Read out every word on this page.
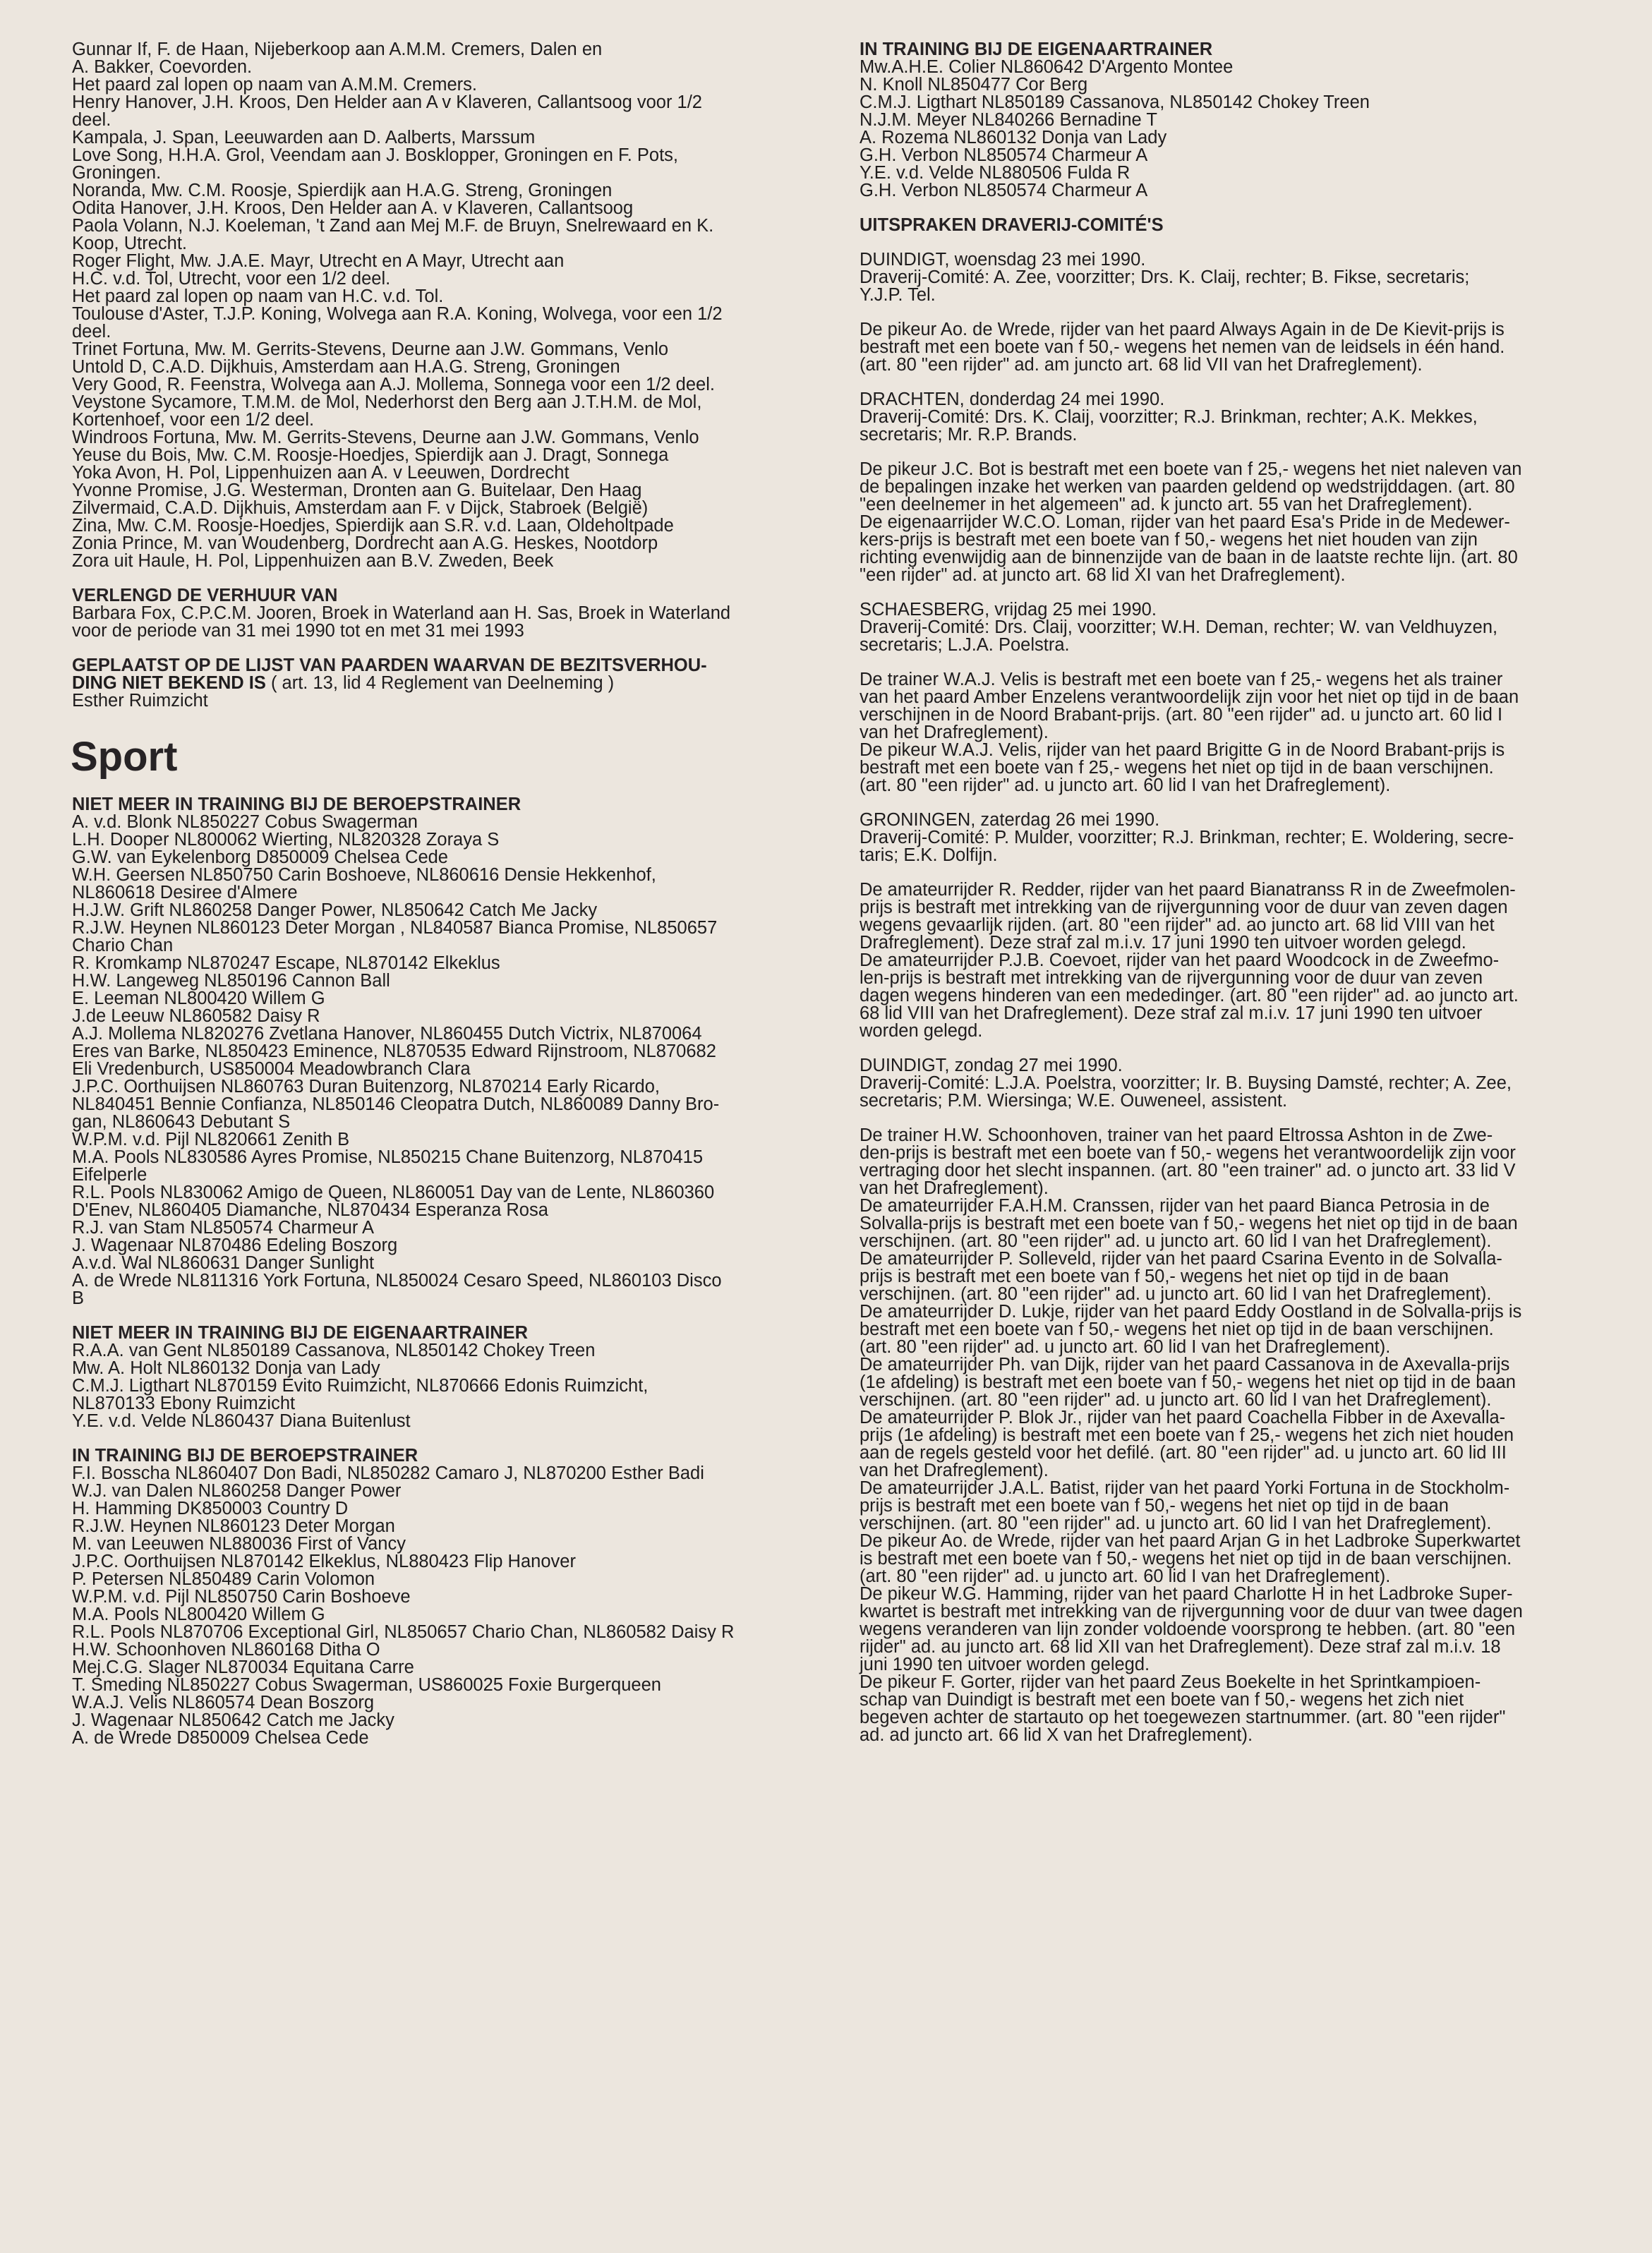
Gunnar If, F. de Haan, Nijeberkoop aan A.M.M. Cremers, Dalen en
A. Bakker, Coevorden.
Het paard zal lopen op naam van A.M.M. Cremers.
Henry Hanover, J.H. Kroos, Den Helder aan A v Klaveren, Callantsoog voor 1/2
deel.
Kampala, J. Span, Leeuwarden aan D. Aalberts, Marssum
Love Song, H.H.A. Grol, Veendam aan J. Bosklopper, Groningen en F. Pots,
Groningen.
Noranda, Mw. C.M. Roosje, Spierdijk aan H.A.G. Streng, Groningen
Odita Hanover, J.H. Kroos, Den Helder aan A. v Klaveren, Callantsoog
Paola Volann, N.J. Koeleman, 't Zand aan Mej M.F. de Bruyn, Snelrewaard en K.
Koop, Utrecht.
Roger Flight, Mw. J.A.E. Mayr, Utrecht en A Mayr, Utrecht aan
H.C. v.d. Tol, Utrecht, voor een 1/2 deel.
Het paard zal lopen op naam van H.C. v.d. Tol.
Toulouse d'Aster, T.J.P. Koning, Wolvega aan R.A. Koning, Wolvega, voor een 1/2
deel.
Trinet Fortuna, Mw. M. Gerrits-Stevens, Deurne aan J.W. Gommans, Venlo
Untold D, C.A.D. Dijkhuis, Amsterdam aan H.A.G. Streng, Groningen
Very Good, R. Feenstra, Wolvega aan A.J. Mollema, Sonnega voor een 1/2 deel.
Veystone Sycamore, T.M.M. de Mol, Nederhorst den Berg aan J.T.H.M. de Mol,
Kortenhoef, voor een 1/2 deel.
Windroos Fortuna, Mw. M. Gerrits-Stevens, Deurne aan J.W. Gommans, Venlo
Yeuse du Bois, Mw. C.M. Roosje-Hoedjes, Spierdijk aan J. Dragt, Sonnega
Yoka Avon, H. Pol, Lippenhuizen aan A. v Leeuwen, Dordrecht
Yvonne Promise, J.G. Westerman, Dronten aan G. Buitelaar, Den Haag
Zilvermaid, C.A.D. Dijkhuis, Amsterdam aan F. v Dijck, Stabroek (België)
Zina, Mw. C.M. Roosje-Hoedjes, Spierdijk aan S.R. v.d. Laan, Oldeholtpade
Zonia Prince, M. van Woudenberg, Dordrecht aan A.G. Heskes, Nootdorp
Zora uit Haule, H. Pol, Lippenhuizen aan B.V. Zweden, Beek
VERLENGD DE VERHUUR VAN
Barbara Fox, C.P.C.M. Jooren, Broek in Waterland aan H. Sas, Broek in Waterland
voor de periode van 31 mei 1990 tot en met 31 mei 1993
GEPLAATST OP DE LIJST VAN PAARDEN WAARVAN DE BEZITSVERHOU-
DING NIET BEKEND IS ( art. 13, lid 4 Reglement van Deelneming )
Esther Ruimzicht
Sport
NIET MEER IN TRAINING BIJ DE BEROEPSTRAINER
A. v.d. Blonk NL850227 Cobus Swagerman
L.H. Dooper NL800062 Wierting, NL820328 Zoraya S
G.W. van Eykelenborg D850009 Chelsea Cede
W.H. Geersen NL850750 Carin Boshoeve, NL860616 Densie Hekkenhof,
NL860618 Desiree d'Almere
H.J.W. Grift NL860258 Danger Power, NL850642 Catch Me Jacky
R.J.W. Heynen NL860123 Deter Morgan , NL840587 Bianca Promise, NL850657
Chario Chan
R. Kromkamp NL870247 Escape, NL870142 Elkeklus
H.W. Langeweg NL850196 Cannon Ball
E. Leeman NL800420 Willem G
J.de Leeuw NL860582 Daisy R
A.J. Mollema NL820276 Zvetlana Hanover, NL860455 Dutch Victrix, NL870064
Eres van Barke, NL850423 Eminence, NL870535 Edward Rijnstroom, NL870682
Eli Vredenburch, US850004 Meadowbranch Clara
J.P.C. Oorthuijsen NL860763 Duran Buitenzorg, NL870214 Early Ricardo,
NL840451 Bennie Confianza, NL850146 Cleopatra Dutch, NL860089 Danny Bro-
gan, NL860643 Debutant S
W.P.M. v.d. Pijl NL820661 Zenith B
M.A. Pools NL830586 Ayres Promise, NL850215 Chane Buitenzorg, NL870415
Eifelperle
R.L. Pools NL830062 Amigo de Queen, NL860051 Day van de Lente, NL860360
D'Enev, NL860405 Diamanche, NL870434 Esperanza Rosa
R.J. van Stam NL850574 Charmeur A
J. Wagenaar NL870486 Edeling Boszorg
A.v.d. Wal NL860631 Danger Sunlight
A. de Wrede NL811316 York Fortuna, NL850024 Cesaro Speed, NL860103 Disco
B
NIET MEER IN TRAINING BIJ DE EIGENAARTRAINER
R.A.A. van Gent NL850189 Cassanova, NL850142 Chokey Treen
Mw. A. Holt NL860132 Donja van Lady
C.M.J. Ligthart NL870159 Evito Ruimzicht, NL870666 Edonis Ruimzicht,
NL870133 Ebony Ruimzicht
Y.E. v.d. Velde NL860437 Diana Buitenlust
IN TRAINING BIJ DE BEROEPSTRAINER
F.I. Bosscha NL860407 Don Badi, NL850282 Camaro J, NL870200 Esther Badi
W.J. van Dalen NL860258 Danger Power
H. Hamming DK850003 Country D
R.J.W. Heynen NL860123 Deter Morgan
M. van Leeuwen NL880036 First of Vancy
J.P.C. Oorthuijsen NL870142 Elkeklus, NL880423 Flip Hanover
P. Petersen NL850489 Carin Volomon
W.P.M. v.d. Pijl NL850750 Carin Boshoeve
M.A. Pools NL800420 Willem G
R.L. Pools NL870706 Exceptional Girl, NL850657 Chario Chan, NL860582 Daisy R
H.W. Schoonhoven NL860168 Ditha O
Mej.C.G. Slager NL870034 Equitana Carre
T. Smeding NL850227 Cobus Swagerman, US860025 Foxie Burgerqueen
W.A.J. Velis NL860574 Dean Boszorg
J. Wagenaar NL850642 Catch me Jacky
A. de Wrede D850009 Chelsea Cede
IN TRAINING BIJ DE EIGENAARTRAINER
Mw.A.H.E. Colier NL860642 D'Argento Montee
N. Knoll NL850477 Cor Berg
C.M.J. Ligthart NL850189 Cassanova, NL850142 Chokey Treen
N.J.M. Meyer NL840266 Bernadine T
A. Rozema NL860132 Donja van Lady
G.H. Verbon NL850574 Charmeur A
Y.E. v.d. Velde NL880506 Fulda R
G.H. Verbon NL850574 Charmeur A
UITSPRAKEN DRAVERIJ-COMITÉ'S
DUINDIGT, woensdag 23 mei 1990.
Draverij-Comité: A. Zee, voorzitter; Drs. K. Claij, rechter; B. Fikse, secretaris;
Y.J.P. Tel.
De pikeur Ao. de Wrede, rijder van het paard Always Again in de De Kievit-prijs is
bestraft met een boete van f 50,- wegens het nemen van de leidsels in één hand.
(art. 80 "een rijder" ad. am juncto art. 68 lid VII van het Drafreglement).
DRACHTEN, donderdag 24 mei 1990.
Draverij-Comité: Drs. K. Claij, voorzitter; R.J. Brinkman, rechter; A.K. Mekkes,
secretaris; Mr. R.P. Brands.
De pikeur J.C. Bot is bestraft met een boete van f 25,- wegens het niet naleven van
de bepalingen inzake het werken van paarden geldend op wedstrijddagen. (art. 80
"een deelnemer in het algemeen" ad. k juncto art. 55 van het Drafreglement).
De eigenaarrijder W.C.O. Loman, rijder van het paard Esa's Pride in de Medewer-
kers-prijs is bestraft met een boete van f 50,- wegens het niet houden van zijn
richting evenwijdig aan de binnenzijde van de baan in de laatste rechte lijn. (art. 80
"een rijder" ad. at juncto art. 68 lid XI van het Drafreglement).
SCHAESBERG, vrijdag 25 mei 1990.
Draverij-Comité: Drs. Claij, voorzitter; W.H. Deman, rechter; W. van Veldhuyzen,
secretaris; L.J.A. Poelstra.
De trainer W.A.J. Velis is bestraft met een boete van f 25,- wegens het als trainer
van het paard Amber Enzelens verantwoordelijk zijn voor het niet op tijd in de baan
verschijnen in de Noord Brabant-prijs. (art. 80 "een rijder" ad. u juncto art. 60 lid I
van het Drafreglement).
De pikeur W.A.J. Velis, rijder van het paard Brigitte G in de Noord Brabant-prijs is
bestraft met een boete van f 25,- wegens het niet op tijd in de baan verschijnen.
(art. 80 "een rijder" ad. u juncto art. 60 lid I van het Drafreglement).
GRONINGEN, zaterdag 26 mei 1990.
Draverij-Comité: P. Mulder, voorzitter; R.J. Brinkman, rechter; E. Woldering, secre-
taris; E.K. Dolfijn.
De amateurrijder R. Redder, rijder van het paard Bianatranss R in de Zweefmolen-
prijs is bestraft met intrekking van de rijvergunning voor de duur van zeven dagen
wegens gevaarlijk rijden. (art. 80 "een rijder" ad. ao juncto art. 68 lid VIII van het
Drafreglement). Deze straf zal m.i.v. 17 juni 1990 ten uitvoer worden gelegd.
De amateurrijder P.J.B. Coevoet, rijder van het paard Woodcock in de Zweefmo-
len-prijs is bestraft met intrekking van de rijvergunning voor de duur van zeven
dagen wegens hinderen van een mededinger. (art. 80 "een rijder" ad. ao juncto art.
68 lid VIII van het Drafreglement). Deze straf zal m.i.v. 17 juni 1990 ten uitvoer
worden gelegd.
DUINDIGT, zondag 27 mei 1990.
Draverij-Comité: L.J.A. Poelstra, voorzitter; Ir. B. Buysing Damsté, rechter; A. Zee,
secretaris; P.M. Wiersinga; W.E. Ouweneel, assistent.
De trainer H.W. Schoonhoven, trainer van het paard Eltrossa Ashton in de Zwe-
den-prijs is bestraft met een boete van f 50,- wegens het verantwoordelijk zijn voor
vertraging door het slecht inspannen. (art. 80 "een trainer" ad. o juncto art. 33 lid V
van het Drafreglement).
De amateurrijder F.A.H.M. Cranssen, rijder van het paard Bianca Petrosia in de
Solvalla-prijs is bestraft met een boete van f 50,- wegens het niet op tijd in de baan
verschijnen. (art. 80 "een rijder" ad. u juncto art. 60 lid I van het Drafreglement).
De amateurrijder P. Solleveld, rijder van het paard Csarina Evento in de Solvalla-
prijs is bestraft met een boete van f 50,- wegens het niet op tijd in de baan
verschijnen. (art. 80 "een rijder" ad. u juncto art. 60 lid I van het Drafreglement).
De amateurrijder D. Lukje, rijder van het paard Eddy Oostland in de Solvalla-prijs is
bestraft met een boete van f 50,- wegens het niet op tijd in de baan verschijnen.
(art. 80 "een rijder" ad. u juncto art. 60 lid I van het Drafreglement).
De amateurrijder Ph. van Dijk, rijder van het paard Cassanova in de Axevalla-prijs
(1e afdeling) is bestraft met een boete van f 50,- wegens het niet op tijd in de baan
verschijnen. (art. 80 "een rijder" ad. u juncto art. 60 lid I van het Drafreglement).
De amateurrijder P. Blok Jr., rijder van het paard Coachella Fibber in de Axevalla-
prijs (1e afdeling) is bestraft met een boete van f 25,- wegens het zich niet houden
aan de regels gesteld voor het defilé. (art. 80 "een rijder" ad. u juncto art. 60 lid III
van het Drafreglement).
De amateurrijder J.A.L. Batist, rijder van het paard Yorki Fortuna in de Stockholm-
prijs is bestraft met een boete van f 50,- wegens het niet op tijd in de baan
verschijnen. (art. 80 "een rijder" ad. u juncto art. 60 lid I van het Drafreglement).
De pikeur Ao. de Wrede, rijder van het paard Arjan G in het Ladbroke Superkwartet
is bestraft met een boete van f 50,- wegens het niet op tijd in de baan verschijnen.
(art. 80 "een rijder" ad. u juncto art. 60 lid I van het Drafreglement).
De pikeur W.G. Hamming, rijder van het paard Charlotte H in het Ladbroke Super-
kwartet is bestraft met intrekking van de rijvergunning voor de duur van twee dagen
wegens veranderen van lijn zonder voldoende voorsprong te hebben. (art. 80 "een
rijder" ad. au juncto art. 68 lid XII van het Drafreglement). Deze straf zal m.i.v. 18
juni 1990 ten uitvoer worden gelegd.
De pikeur F. Gorter, rijder van het paard Zeus Boekelte in het Sprintkampioen-
schap van Duindigt is bestraft met een boete van f 50,- wegens het zich niet
begeven achter de startauto op het toegewezen startnummer. (art. 80 "een rijder"
ad. ad juncto art. 66 lid X van het Drafreglement).
